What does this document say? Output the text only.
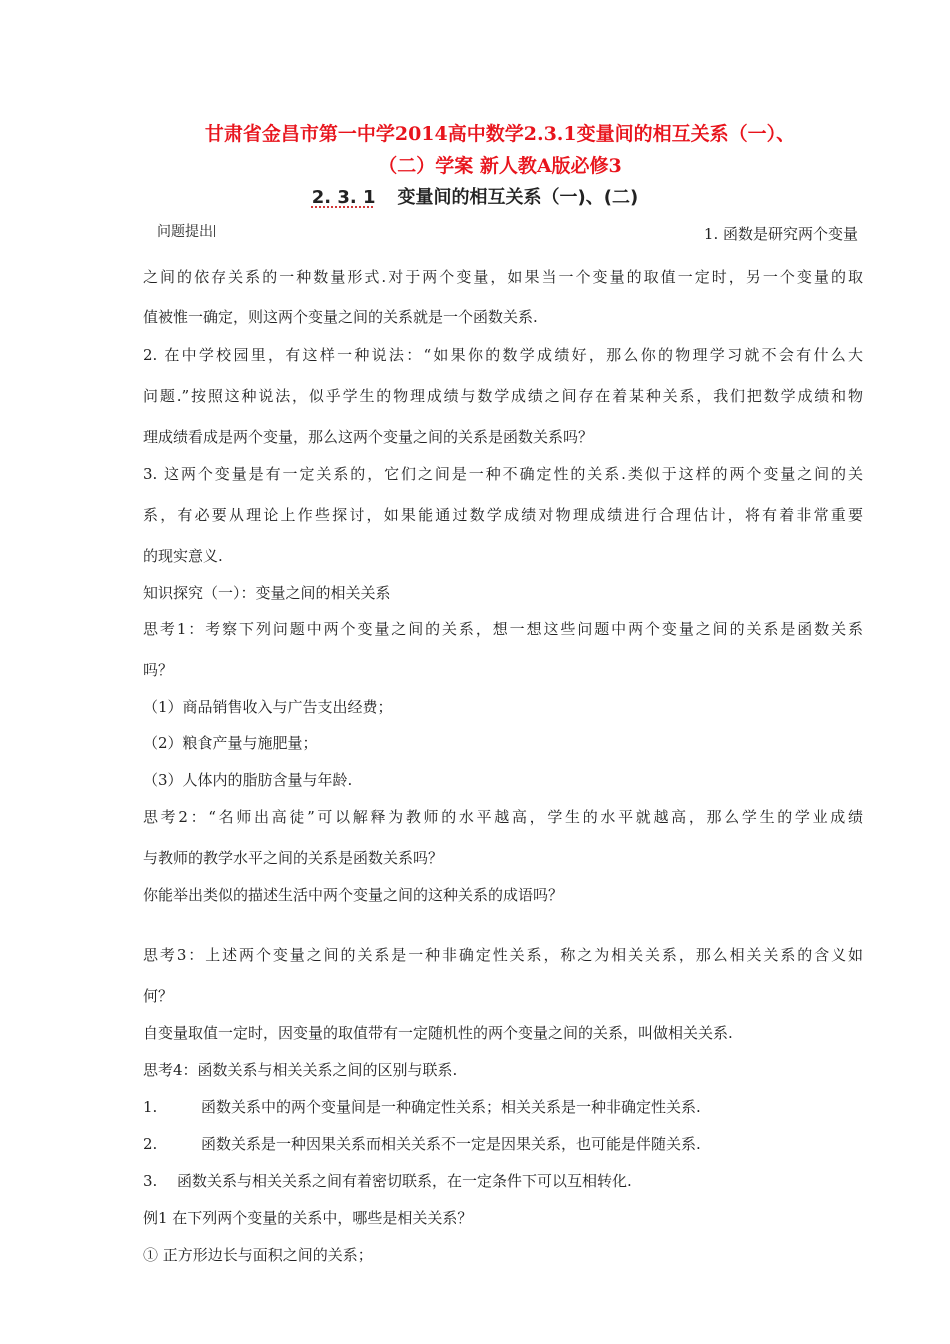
甘肃省金昌市第一中学2014高中数学2.3.1变量间的相互关系（一）、
（二）学案 新人教A版必修3
2. 3. 1 变量间的相互关系（一)、(二)
问题提出	1. 函数是研究两个变量
之间的依存关系的一种数量形式.对于两个变量，如果当一个变量的取值一定时，另一个变量的取
值被惟一确定，则这两个变量之间的关系就是一个函数关系.
2. 在中学校园里，有这样一种说法：“如果你的数学成绩好，那么你的物理学习就不会有什么大
问题.”按照这种说法，似乎学生的物理成绩与数学成绩之间存在着某种关系，我们把数学成绩和物
理成绩看成是两个变量，那么这两个变量之间的关系是函数关系吗？
3. 这两个变量是有一定关系的，它们之间是一种不确定性的关系.类似于这样的两个变量之间的关
系，有必要从理论上作些探讨，如果能通过数学成绩对物理成绩进行合理估计，将有着非常重要
的现实意义.
知识探究（一）：变量之间的相关关系
思考1：考察下列问题中两个变量之间的关系，想一想这些问题中两个变量之间的关系是函数关系
吗？
（1）商品销售收入与广告支出经费；
（2）粮食产量与施肥量；
（3）人体内的脂肪含量与年龄.
思考2：“名师出高徒”可以解释为教师的水平越高，学生的水平就越高，那么学生的学业成绩
与教师的教学水平之间的关系是函数关系吗？
你能举出类似的描述生活中两个变量之间的这种关系的成语吗？
思考3：上述两个变量之间的关系是一种非确定性关系，称之为相关关系，那么相关关系的含义如
何？
自变量取值一定时，因变量的取值带有一定随机性的两个变量之间的关系，叫做相关关系.
思考4：函数关系与相关关系之间的区别与联系.
1.	函数关系中的两个变量间是一种确定性关系；相关关系是一种非确定性关系.
2.	函数关系是一种因果关系而相关关系不一定是因果关系，也可能是伴随关系.
3. 函数关系与相关关系之间有着密切联系，在一定条件下可以互相转化.
例1 在下列两个变量的关系中，哪些是相关关系？
① 正方形边长与面积之间的关系；
